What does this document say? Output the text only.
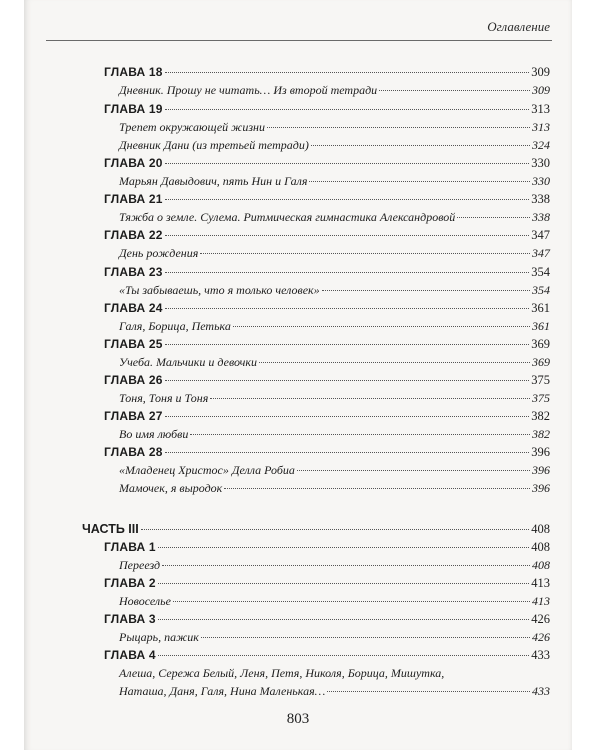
Оглавление
ГЛАВА 18	309
Дневник. Прошу не читать… Из второй тетради	309
ГЛАВА 19	313
Трепет окружающей жизни	313
Дневник Дани (из третьей тетради)	324
ГЛАВА 20	330
Марьян Давыдович, пять Нин и Галя	330
ГЛАВА 21	338
Тяжба о земле. Сулема. Ритмическая гимнастика Александровой	338
ГЛАВА 22	347
День рождения	347
ГЛАВА 23	354
«Ты забываешь, что я только человек»	354
ГЛАВА 24	361
Галя, Борица, Петька	361
ГЛАВА 25	369
Учеба. Мальчики и девочки	369
ГЛАВА 26	375
Тоня, Тоня и Тоня	375
ГЛАВА 27	382
Во имя любви	382
ГЛАВА 28	396
«Младенец Христос» Делла Робиа	396
Мамочек, я выродок	396
ЧАСТЬ III	408
ГЛАВА 1	408
Переезд	408
ГЛАВА 2	413
Новоселье	413
ГЛАВА 3	426
Рыцарь, пажик	426
ГЛАВА 4	433
Алеша, Сережа Белый, Леня, Петя, Николя, Борица, Мишутка,
Наташа, Даня, Галя, Нина Маленькая…	433
803
